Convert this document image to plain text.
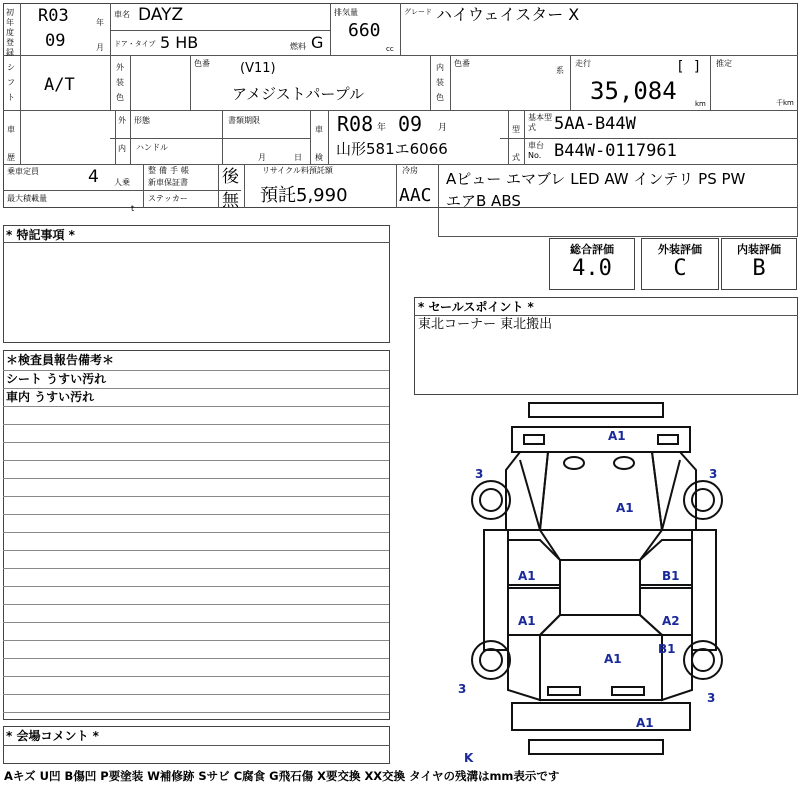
初年度登録
R03	年
09	月
車名 DAYZ
ドア・タイプ 5 HB	燃料 G
排気量
660
cc
グレード ハイウェイスター X
シフト
A/T
外装色
色番 (V11)
アメジストパープル
内装色
色番
系
走行	[ ]
35,084	km
推定
千km
車歴
外
内
形態
ハンドル
書類期限
月	日
車検
R08 年 09 月
山形581エ6066
型式
基本型式	5AA-B44W
車台No. B44W-0117961
乗車定員	4 人乗
最大積載量
t
整備手帳
新車保証書
ステッカー
後
無
リサイクル料預託額
預託5,990
冷房
AAC
Aピュー エマブレ LED AW インテリ PS PW
エアB ABS
* 特記事項 *
総合評価
4.0
外装評価
C
内装評価
B
* セールスポイント *
東北コーナー 東北搬出
＊検査員報告備考＊
シート うすい汚れ
車内 うすい汚れ
* 会場コメント *
Aキズ U凹 B傷凹 P要塗装 W補修跡 Sサビ C腐食 G飛石傷 X要交換 XX交換 タイヤの残溝はmm表示です
A1
A1
3	3
A1	B1
A1	A2
A1
B1
3
3
A1
K
